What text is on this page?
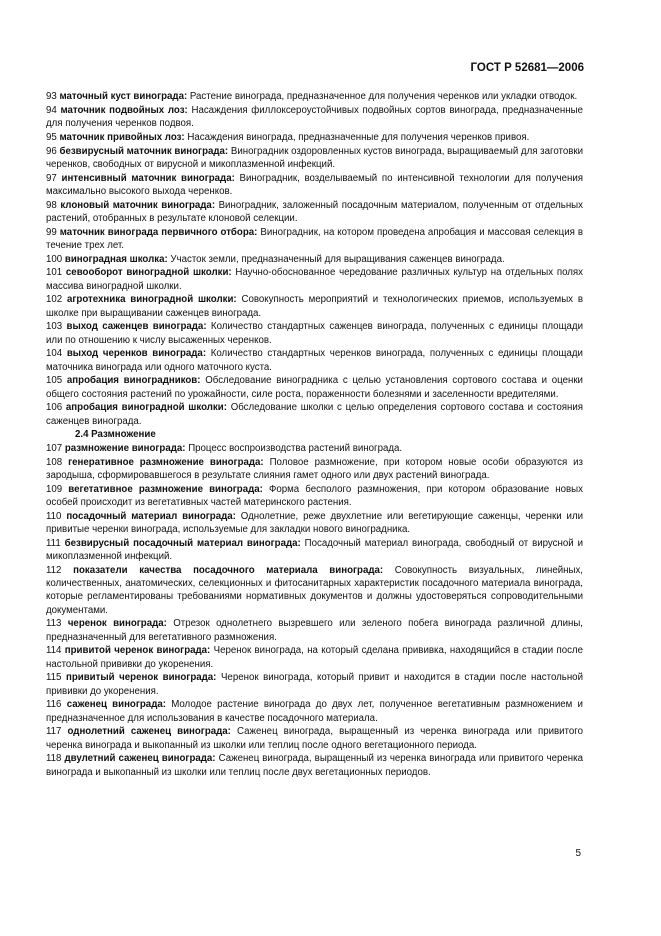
ГОСТ Р 52681—2006
93 маточный куст винограда: Растение винограда, предназначенное для получения черенков или укладки отводок.
94 маточник подвойных лоз: Насаждения филлоксероустойчивых подвойных сортов винограда, предназначенные для получения черенков подвоя.
95 маточник привойных лоз: Насаждения винограда, предназначенные для получения черенков привоя.
96 безвирусный маточник винограда: Виноградник оздоровленных кустов винограда, выращиваемый для заготовки черенков, свободных от вирусной и микоплазменной инфекций.
97 интенсивный маточник винограда: Виноградник, возделываемый по интенсивной технологии для получения максимально высокого выхода черенков.
98 клоновый маточник винограда: Виноградник, заложенный посадочным материалом, полученным от отдельных растений, отобранных в результате клоновой селекции.
99 маточник винограда первичного отбора: Виноградник, на котором проведена апробация и массовая селекция в течение трех лет.
100 виноградная школка: Участок земли, предназначенный для выращивания саженцев винограда.
101 севооборот виноградной школки: Научно-обоснованное чередование различных культур на отдельных полях массива виноградной школки.
102 агротехника виноградной школки: Совокупность мероприятий и технологических приемов, используемых в школке при выращивании саженцев винограда.
103 выход саженцев винограда: Количество стандартных саженцев винограда, полученных с единицы площади или по отношению к числу высаженных черенков.
104 выход черенков винограда: Количество стандартных черенков винограда, полученных с единицы площади маточника винограда или одного маточного куста.
105 апробация виноградников: Обследование виноградника с целью установления сортового состава и оценки общего состояния растений по урожайности, силе роста, пораженности болезнями и заселенности вредителями.
106 апробация виноградной школки: Обследование школки с целью определения сортового состава и состояния саженцев винограда.
2.4 Размножение
107 размножение винограда: Процесс воспроизводства растений винограда.
108 генеративное размножение винограда: Половое размножение, при котором новые особи образуются из зародыша, сформировавшегося в результате слияния гамет одного или двух растений винограда.
109 вегетативное размножение винограда: Форма бесполого размножения, при котором образование новых особей происходит из вегетативных частей материнского растения.
110 посадочный материал винограда: Однолетние, реже двухлетние или вегетирующие саженцы, черенки или привитые черенки винограда, используемые для закладки нового виноградника.
111 безвирусный посадочный материал винограда: Посадочный материал винограда, свободный от вирусной и микоплазменной инфекций.
112 показатели качества посадочного материала винограда: Совокупность визуальных, линейных, количественных, анатомических, селекционных и фитосанитарных характеристик посадочного материала винограда, которые регламентированы требованиями нормативных документов и должны удостоверяться сопроводительными документами.
113 черенок винограда: Отрезок однолетнего вызревшего или зеленого побега винограда различной длины, предназначенный для вегетативного размножения.
114 привитой черенок винограда: Черенок винограда, на который сделана прививка, находящийся в стадии после настольной прививки до укоренения.
115 привитый черенок винограда: Черенок винограда, который привит и находится в стадии после настольной прививки до укоренения.
116 саженец винограда: Молодое растение винограда до двух лет, полученное вегетативным размножением и предназначенное для использования в качестве посадочного материала.
117 однолетний саженец винограда: Саженец винограда, выращенный из черенка винограда или привитого черенка винограда и выкопанный из школки или теплиц после одного вегетационного периода.
118 двулетний саженец винограда: Саженец винограда, выращенный из черенка винограда или привитого черенка винограда и выкопанный из школки или теплиц после двух вегетационных периодов.
5
